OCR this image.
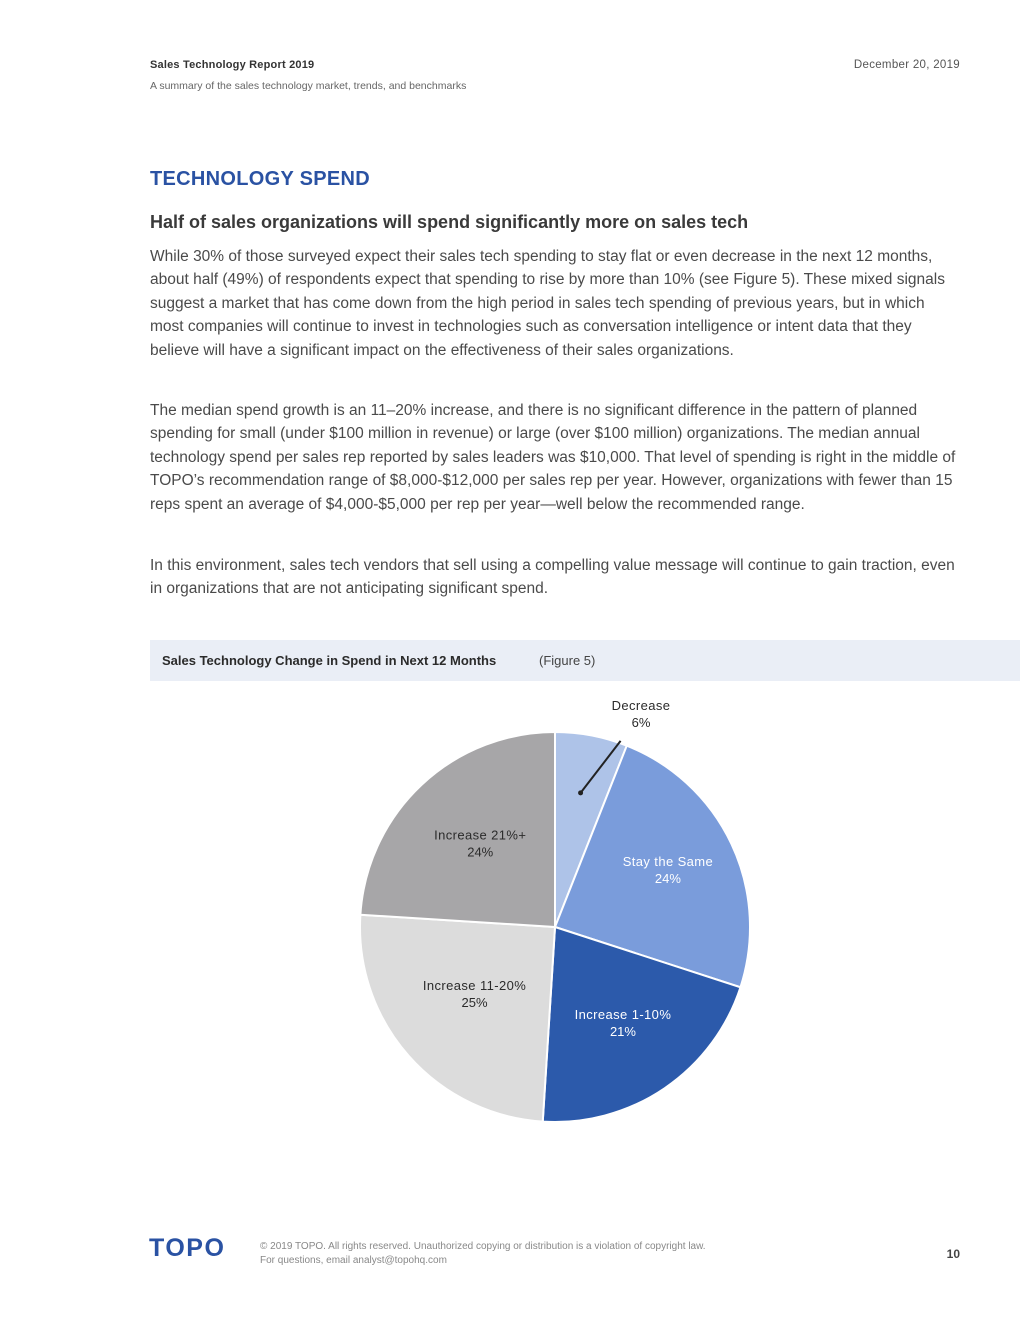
Sales Technology Report 2019
A summary of the sales technology market, trends, and benchmarks
December 20, 2019
TECHNOLOGY SPEND
Half of sales organizations will spend significantly more on sales tech

While 30% of those surveyed expect their sales tech spending to stay flat or even decrease in the next 12 months, about half (49%) of respondents expect that spending to rise by more than 10% (see Figure 5). These mixed signals suggest a market that has come down from the high period in sales tech spending of previous years, but in which most companies will continue to invest in technologies such as conversation intelligence or intent data that they believe will have a significant impact on the effectiveness of their sales organizations.

The median spend growth is an 11–20% increase, and there is no significant difference in the pattern of planned spending for small (under $100 million in revenue) or large (over $100 million) organizations. The median annual technology spend per sales rep reported by sales leaders was $10,000. That level of spending is right in the middle of TOPO’s recommendation range of $8,000-$12,000 per sales rep per year. However, organizations with fewer than 15 reps spent an average of $4,000-$5,000 per rep per year—well below the recommended range.

In this environment, sales tech vendors that sell using a compelling value message will continue to gain traction, even in organizations that are not anticipating significant spend.

Sales Technology Change in Spend in Next 12 Months	(Figure 5)
Decrease
6%
Stay the Same
24%
Increase 1-10%
21%
Increase 11-20%
25%
Increase 21%+
24%
TOPO	© 2019 TOPO. All rights reserved. Unauthorized copying or distribution is a violation of copyright law.
For questions, email analyst@topohq.com	10
